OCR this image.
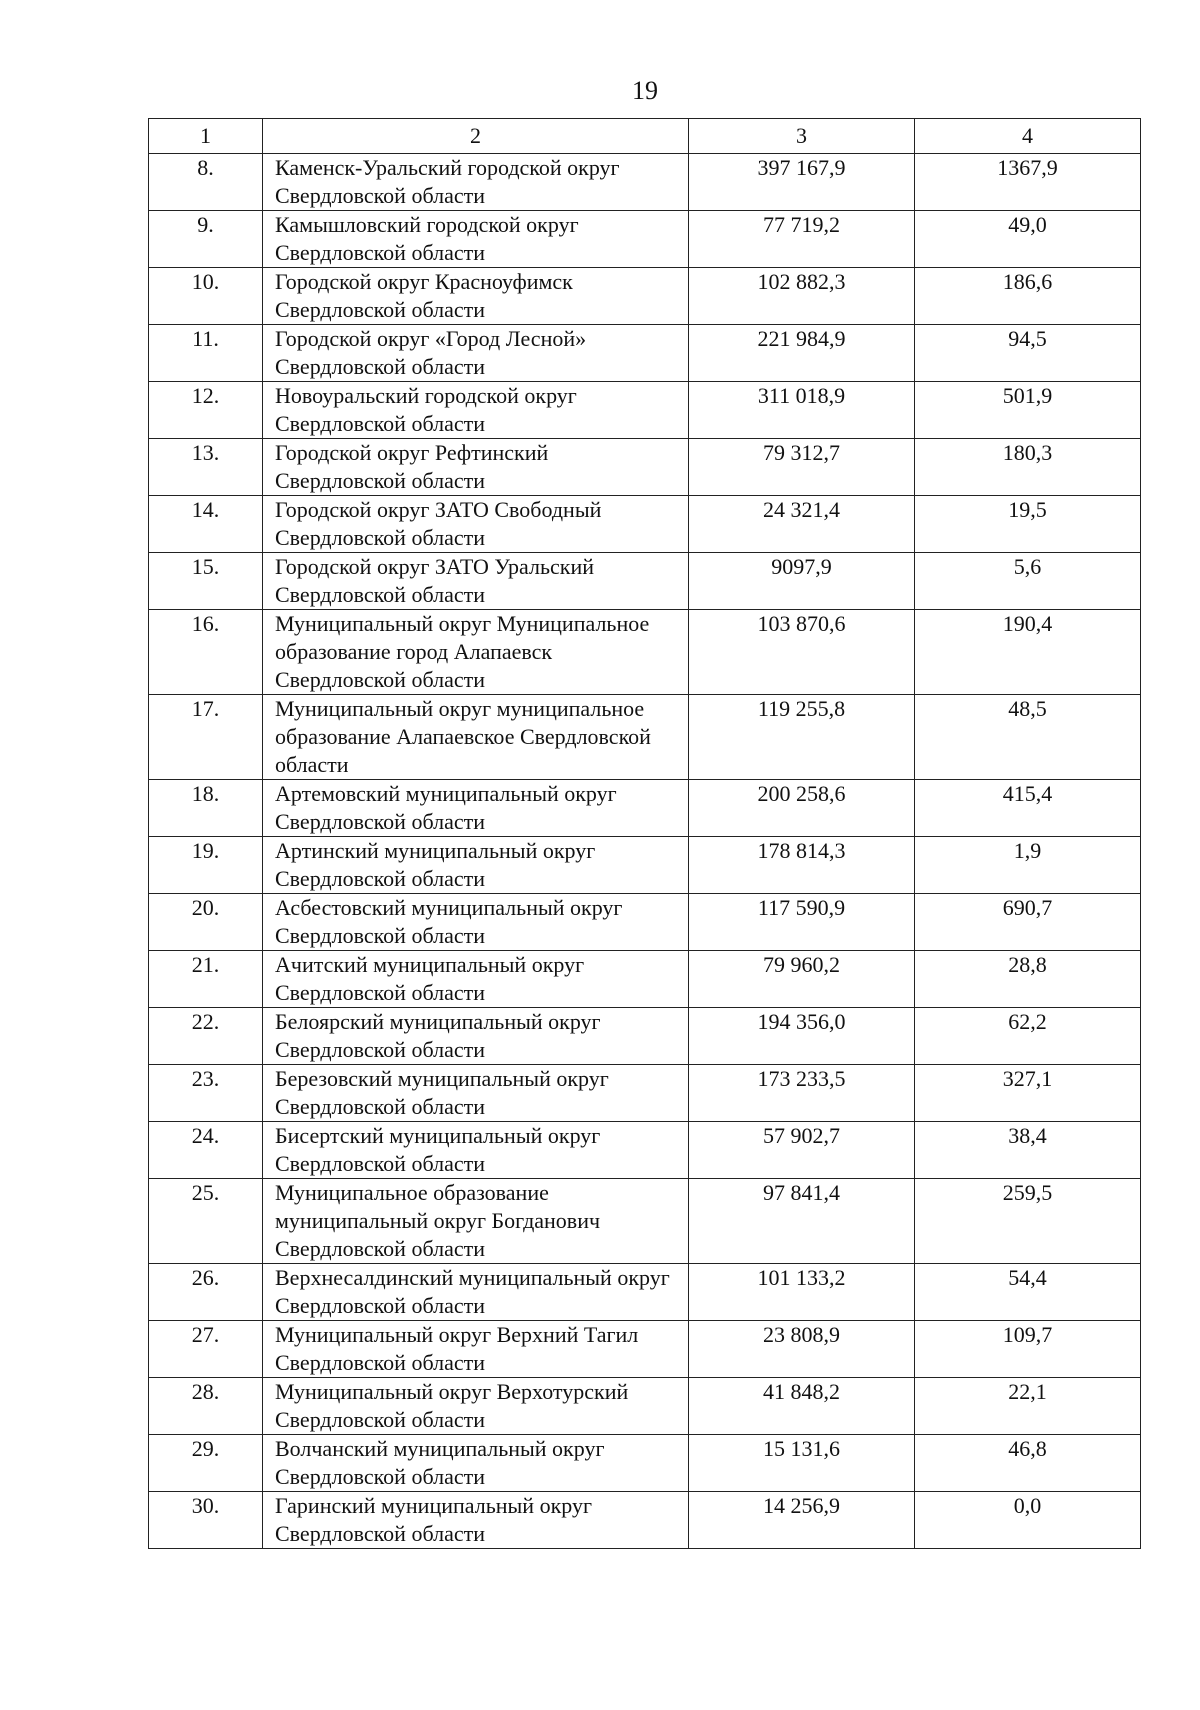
19
1	2	3	4
8.	Каменск-Уральский городской округ Свердловской области	397 167,9	1367,9
9.	Камышловский городской округ Свердловской области	77 719,2	49,0
10.	Городской округ Красноуфимск Свердловской области	102 882,3	186,6
11.	Городской округ «Город Лесной» Свердловской области	221 984,9	94,5
12.	Новоуральский городской округ Свердловской области	311 018,9	501,9
13.	Городской округ Рефтинский Свердловской области	79 312,7	180,3
14.	Городской округ ЗАТО Свободный Свердловской области	24 321,4	19,5
15.	Городской округ ЗАТО Уральский Свердловской области	9097,9	5,6
16.	Муниципальный округ Муниципальное образование город Алапаевск Свердловской области	103 870,6	190,4
17.	Муниципальный округ муниципальное образование Алапаевское Свердловской области	119 255,8	48,5
18.	Артемовский муниципальный округ Свердловской области	200 258,6	415,4
19.	Артинский муниципальный округ Свердловской области	178 814,3	1,9
20.	Асбестовский муниципальный округ Свердловской области	117 590,9	690,7
21.	Ачитский муниципальный округ Свердловской области	79 960,2	28,8
22.	Белоярский муниципальный округ Свердловской области	194 356,0	62,2
23.	Березовский муниципальный округ Свердловской области	173 233,5	327,1
24.	Бисертский муниципальный округ Свердловской области	57 902,7	38,4
25.	Муниципальное образование муниципальный округ Богданович Свердловской области	97 841,4	259,5
26.	Верхнесалдинский муниципальный округ Свердловской области	101 133,2	54,4
27.	Муниципальный округ Верхний Тагил Свердловской области	23 808,9	109,7
28.	Муниципальный округ Верхотурский Свердловской области	41 848,2	22,1
29.	Волчанский муниципальный округ Свердловской области	15 131,6	46,8
30.	Гаринский муниципальный округ Свердловской области	14 256,9	0,0
